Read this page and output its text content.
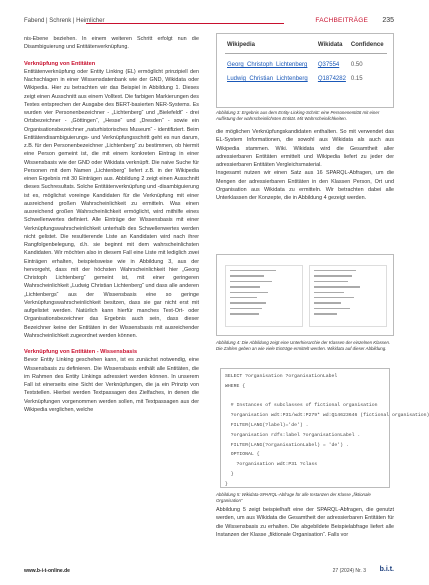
Fabend | Schrenk | Heimlicher	FACHBEITRÄGE 235

nis-Ebene beziehen. In einem weiteren Schritt erfolgt nun die Disambiguierung und Entitätenverknüpfung.

Verknüpfung von Entitäten

Entitätenverknüpfung oder Entity Linking (EL) ermöglicht prinzipiell den Nachschlagen in einer Wissensdatenbank wie der GND, Wikidata oder Wikipedia. Hier zu betrachten wir das Beispiel in Abbildung 1. Dieses zeigt einen Ausschnitt aus einem Volltext. Die farbigen Markierungen des Textes entsprechen der Ausgabe des BERT-basierten NER-Systems. Es wurden vier Personenbezeichner - „Lichtenberg“ und „Bielefeldt“ - drei Ortsbezeichner - „Göttingen“, „Hesse“ und „Dresden“ - sowie ein Organisationsbezeichner „naturhistorisches Museum“ - identifiziert. Beim Entitätendisambiguierungs- und Verknüpfungsschritt geht es nun darum, z.B. für den Personenbezeichner „Lichtenberg“ zu bestimmen, ob hiermit eine Person gemeint ist, die mit einem konkreten Eintrag in einer Wissensbasis wie der GND oder Wikidata verknüpft. Die naive Suche für Personen mit dem Namen „Lichtenberg“ liefert z.B. in der Wikipedia einen Ergebnis mit 30 Einträgen aus. Abbildung 2 zeigt einen Ausschnitt dieses Suchresultats. Solche Entitätenverknüpfung und -disambiguierung ist es, möglichst voreinge Kandidaten für die Verknüpfung mit einer ausreichend großen Wahrscheinlichkeit zu ermitteln. Was einen ausreichend großen Wahrscheinlichkeit ermöglicht, wird mithilfe eines Schwellenwertes definiert. Alle Einträge der Wissensbasis mit einer Verknüpfungswahrscheinlichkeit unterhalb des Schwellenwertes werden nicht gelistet. Die resultierende Liste an Kandidaten wird nach ihrer Rangfolgenbelegung, d.h. sie beginnt mit dem wahrscheinlichsten Kandidaten. Wir möchten also in diesem Fall eine Liste mit lediglich zwei Einträgen erhalten, beispielsweise wie in Abbildung 3, aus der hervorgeht, dass mit der höchsten Wahrscheinlichkeit hier „Georg Christoph Lichtenberg“ gemeint ist, mit einer geringeren Wahrscheinlichkeit „Ludwig Christian Lichtenberg“ und dass alle anderen „Lichtenbergs“ aus der Wissensbasis eine so geringe Verknüpfungswahrscheinlichkeit besitzen, dass sie gar nicht erst mit aufgelistet werden. Natürlich kann hierfür manches Text-Ort- oder Organisationsbezeichner das Ergebnis auch sein, dass dieser Bezeichner keine der Entitäten in der Wissensbasis mit ausreichender Wahrscheinlichkeit zugeordnet werden können.

Verknüpfung von Entitäten - Wissensbasis

Bevor Entity Linking geschehen kann, ist es zunächst notwendig, eine Wissensbasis zu definieren. Die Wissensbasis enthält alle Entitäten, die im Rahmen des Entity Linkings adressiert werden können. In unserem Fall ist einerseits eine Sicht der Verknüpfungen, die ja ein Prinzip von Textstellen. Hierbei werden Textpassagen des Zielfaches, in denen die Verknüpfungen vorgenommen werden sollen, mit Textpassagen aus der Wikipedia verglichen, welche

Wikipedia	Wikidata	Confidence
Georg_Christoph_Lichtenberg	Q37554	0.50
Ludwig_Christian_Lichtenberg	Q1874282	0.15
Abbildung 3: Ergebnis aus dem Entity-Linking-Schritt: eine Personenentität mit einer Auflistung der wahrscheinlichsten Entität. Mit Wahrscheinlichkeiten.

die möglichen Verknüpfungskandidaten enthalten. So mit verwendet das EL-System Informationen, die sowohl aus Wikidata als auch aus Wikipedia stammen. Wiki. Wikidata wird die Gesamtheit aller adressierbaren Entitäten ermittelt und Wikipedia liefert zu jeder der adressierbaren Entitäten Vergleichsmaterial.

Insgesamt nutzen wir einen Satz aus 16 SPARQL-Abfragen, um die Mengen der adressierbaren Entitäten in den Klassen Person, Ort und Organisation aus Wikidata zu ermitteln. Wir betrachten dabei alle Unterklassen der Konzepte, die in Abbildung 4 gezeigt werden.

Abbildung 4: Die Abbildung zeigt eine Unterhierarchie der Klassen der einzelnen Klassen. Die Zahlen geben an wie viele Einträge ermittelt werden. Wikidata auf dieser Abbildung.
SELECT ?organisation ?organisationLabel
WHERE {

# Instances of subclasses of fictional organisation
?organisation wdt:P31/wdt:P279* wd:Q14623646 (fictional organisation)
FILTER(LANG(?label)='de') .
?organisation rdfs:label ?organisationLabel .
FILTER(LANG(?organisationLabel) = 'de') .
OPTIONAL {
?organisation wdt:P31 ?class
}
}
Abbildung 5: Wikidata-SPARQL-Abfrage für alle Instanzen der Klasse „fiktionale Organisation“

Abbildung 5 zeigt beispielhaft eine der SPARQL-Abfragen, die genutzt werden, um aus Wikidata die Gesamtheit der adressierbaren Entitäten für die Wissensbasis zu erhalten. Die abgebildete Beispielabfrage liefert alle Instanzen der Klasse „fiktionale Organisation“. Falls vor

www.b-i-t-online.de	27 (2024) Nr. 3 b.i.t.
